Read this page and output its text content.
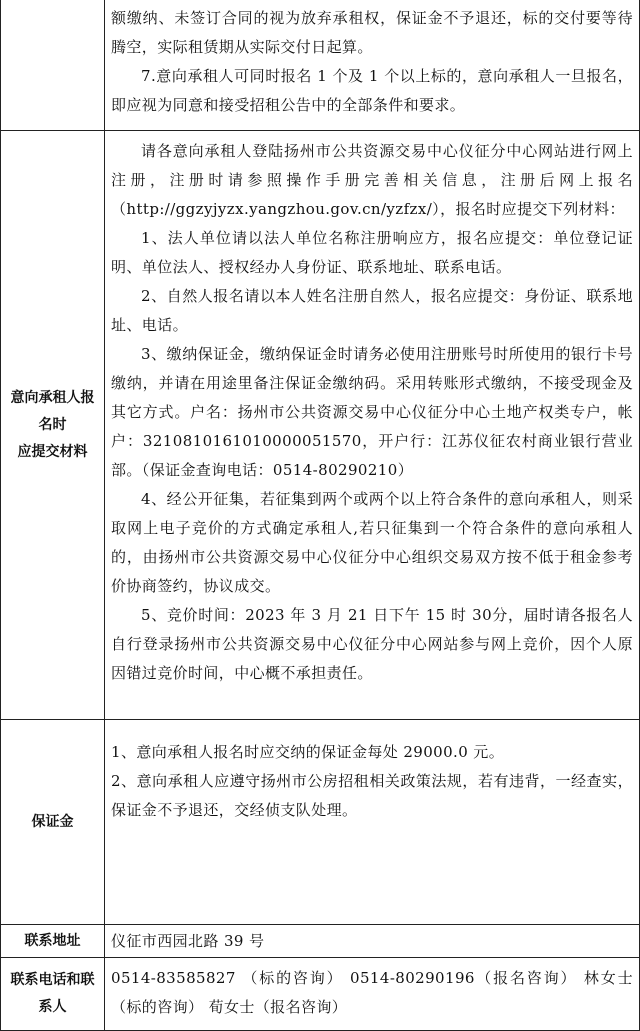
额缴纳、未签订合同的视为放弃承租权，保证金不予退还，标的交付要等待腾空，实际租赁期从实际交付日起算。

7.意向承租人可同时报名 1 个及 1 个以上标的，意向承租人一旦报名，即应视为同意和接受招租公告中的全部条件和要求。

意向承租人报
名时
应提交材料

请各意向承租人登陆扬州市公共资源交易中心仪征分中心网站进行网上注册，注册时请参照操作手册完善相关信息，注册后网上报名（http://ggzyjyzx.yangzhou.gov.cn/yzfzx/），报名时应提交下列材料：

1、法人单位请以法人单位名称注册响应方，报名应提交：单位登记证明、单位法人、授权经办人身份证、联系地址、联系电话。

2、自然人报名请以本人姓名注册自然人，报名应提交：身份证、联系地址、电话。

3、缴纳保证金，缴纳保证金时请务必使用注册账号时所使用的银行卡号缴纳，并请在用途里备注保证金缴纳码。采用转账形式缴纳，不接受现金及其它方式。户名：扬州市公共资源交易中心仪征分中心土地产权类专户，帐户：32108101610100000515​70，开户行：江苏仪征农村商业银行营业部。（保证金查询电话：0514-80290210）

4、经公开征集，若征集到两个或两个以上符合条件的意向承租人，则采取网上电子竞价的方式确定承租人,若只征集到一个符合条件的意向承租人的，由扬州市公共资源交易中心仪征分中心组织交易双方按不低于租金参考价协商签约，协议成交。

5、竞价时间：2023 年 3 月 21 日下午 15 时 30分，届时请各报名人自行登录扬州市公共资源交易中心仪征分中心网站参与网上竞价，因个人原因错过竞价时间，中心概不承担责任。

保证金

1、意向承租人报名时应交纳的保证金每处 29000.0 元。

2、意向承租人应遵守扬州市公房招租相关政策法规，若有违背，一经查实，保证金不予退还，交经侦支队处理。

联系地址	仪征市西园北路 39 号
联系电话和联
系人

0514-83585827 （标的咨询） 0514-80290196（报名咨询） 林女士（标的咨询） 荀女士（报名咨询）
